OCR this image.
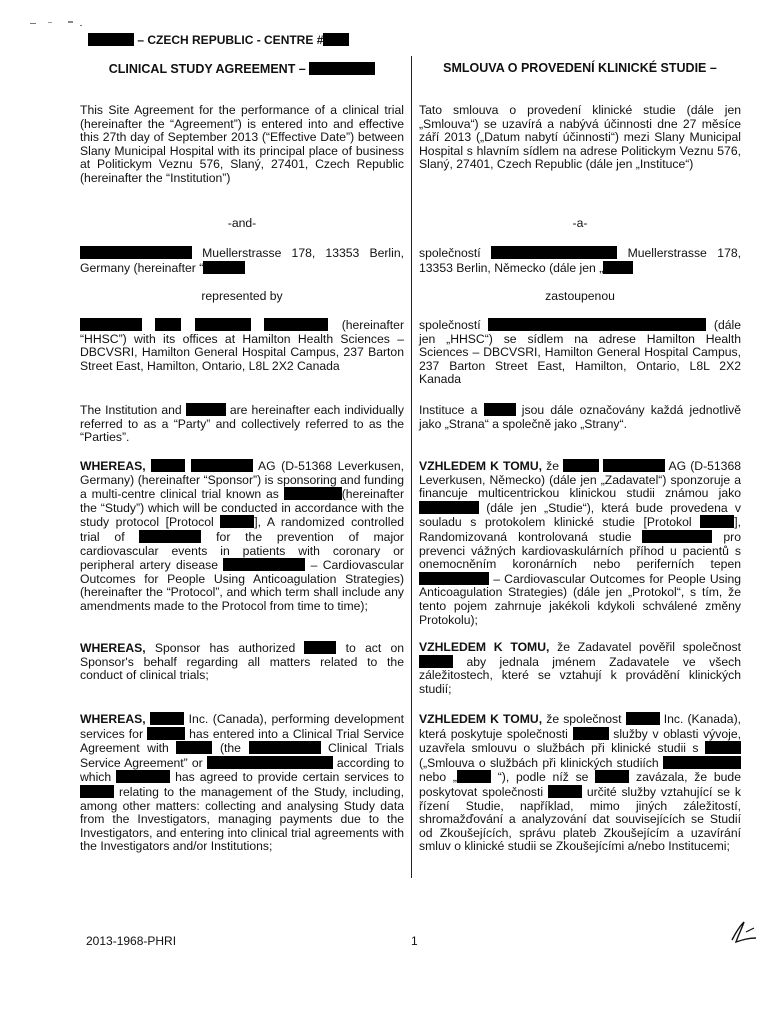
– CZECH REPUBLIC - CENTRE #
CLINICAL STUDY AGREEMENT –	SMLOUVA O PROVEDENÍ KLINICKÉ STUDIE –
This Site Agreement for the performance of a clinical trial (hereinafter the “Agreement”) is entered into and effective this 27th day of September 2013 (“Effective Date”) between Slany Municipal Hospital with its principal place of business at Politickym Veznu 576, Slaný, 27401, Czech Republic (hereinafter the “Institution”)
Tato smlouva o provedení klinické studie (dále jen „Smlouva“) se uzavírá a nabývá účinnosti dne 27 měsíce září 2013 („Datum nabytí účinnosti“) mezi Slany Municipal Hospital s hlavním sídlem na adrese Politickym Veznu 576, Slaný, 27401, Czech Republic (dále jen „Instituce“)
-and-	-a-
Muellerstrasse 178, 13353 Berlin, Germany (hereinafter “
společností	Muellerstrasse 178, 13353 Berlin, Německo (dále jen „
represented by	zastoupenou
(hereinafter “HHSC”) with its offices at Hamilton Health Sciences – DBCVSRI, Hamilton General Hospital Campus, 237 Barton Street East, Hamilton, Ontario, L8L 2X2 Canada
společností	(dále jen „HHSC“) se sídlem na adrese Hamilton Health Sciences – DBCVSRI, Hamilton General Hospital Campus, 237 Barton Street East, Hamilton, Ontario, L8L 2X2 Kanada
The Institution and	are hereinafter each individually referred to as a “Party” and collectively referred to as the “Parties”.
Instituce a	jsou dále označovány každá jednotlivě jako „Strana“ a společně jako „Strany“.
WHEREAS,	AG (D-51368 Leverkusen, Germany) (hereinafter “Sponsor”) is sponsoring and funding a multi-centre clinical trial known as	(hereinafter the “Study”) which will be conducted in accordance with the study protocol [Protocol	], A randomized controlled trial of	for the prevention of major cardiovascular events in patients with coronary or peripheral artery disease	– Cardiovascular Outcomes for People Using Anticoagulation Strategies) (hereinafter the “Protocol”, and which term shall include any amendments made to the Protocol from time to time);
VZHLEDEM K TOMU, že	AG (D-51368 Leverkusen, Německo) (dále jen „Zadavatel“) sponzoruje a financuje multicentrickou klinickou studii známou jako  (dále jen „Studie“), která bude provedena v souladu s protokolem klinické studie [Protokol	], Randomizovaná kontrolovaná studie	pro prevenci vážných kardiovaskulárních příhod u pacientů s onemocněním koronárních nebo periferních tepen  – Cardiovascular Outcomes for People Using Anticoagulation Strategies) (dále jen „Protokol“, s tím, že tento pojem zahrnuje jakékoli kdykoli schválené změny Protokolu);
WHEREAS, Sponsor has authorized	to act on Sponsor's behalf regarding all matters related to the conduct of clinical trials;
VZHLEDEM K TOMU, že Zadavatel pověřil společnost  aby jednala jménem Zadavatele ve všech záležitostech, které se vztahují k provádění klinických studií;
WHEREAS,	Inc. (Canada), performing development services for	has entered into a Clinical Trial Service Agreement with	(the	Clinical Trials Service Agreement” or	according to which	has agreed to provide certain services to  relating to the management of the Study, including, among other matters: collecting and analysing Study data from the Investigators, managing payments due to the Investigators, and entering into clinical trial agreements with the Investigators and/or Institutions;
VZHLEDEM K TOMU, že společnost	Inc. (Kanada), která poskytuje společnosti	služby v oblasti vývoje, uzavřela smlouvu o službách při klinické studii s  („Smlouva o službách při klinických studiích  nebo „	“), podle níž se	zavázala, že bude poskytovat společnosti	určité služby vztahující se k řízení Studie, například, mimo jiných záležitostí, shromažďování a analyzování dat souvisejících se Studií od Zkoušejících, správu plateb Zkoušejícím a uzavírání smluv o klinické studii se Zkoušejícími a/nebo Institucemi;
2013-1968-PHRI	1
